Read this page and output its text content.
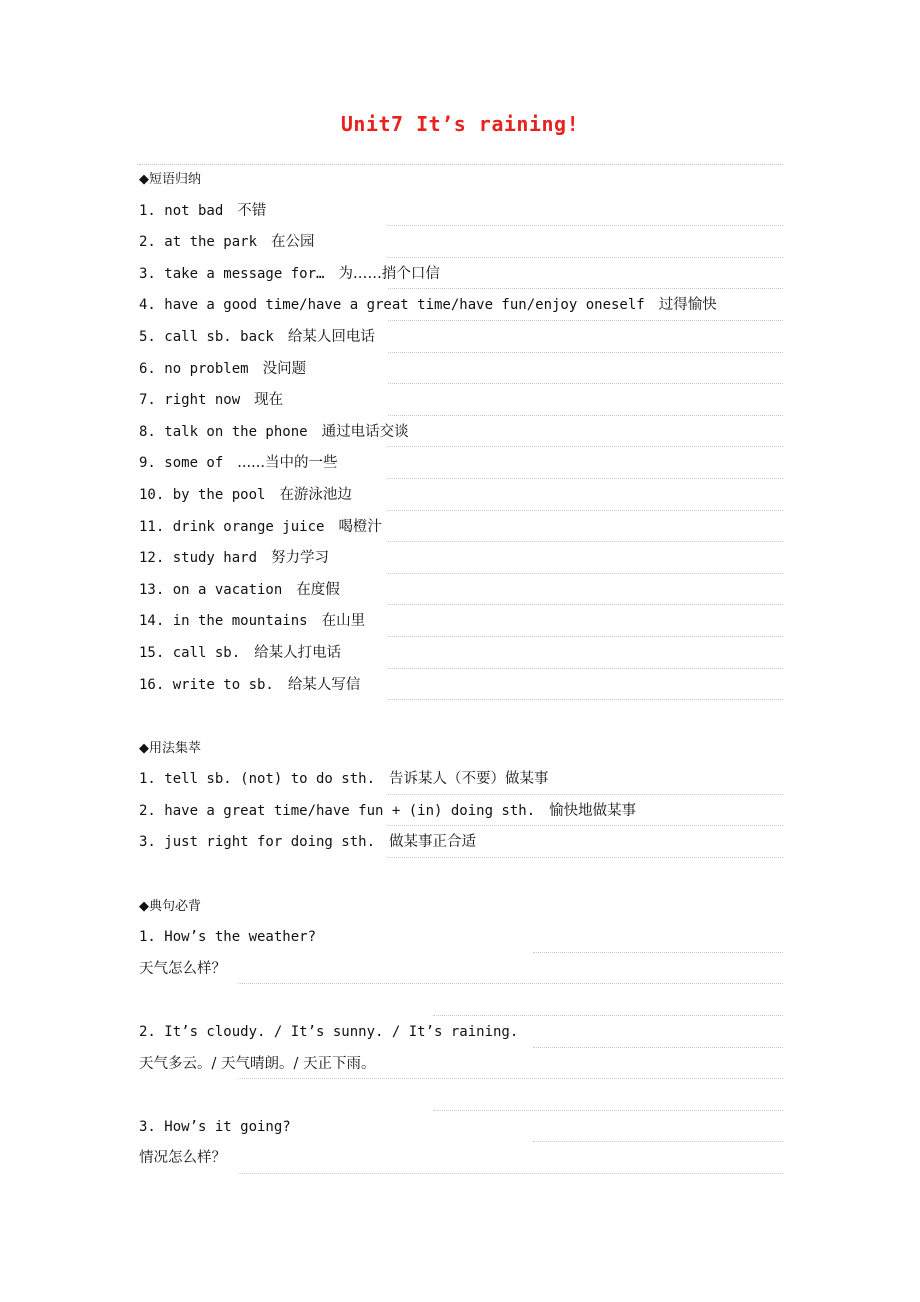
Unit7 It’s raining!
◆短语归纳
1. not bad 不错
2. at the park 在公园
3. take a message for… 为……捎个口信
4. have a good time/have a great time/have fun/enjoy oneself 过得愉快
5. call sb. back 给某人回电话
6. no problem 没问题
7. right now 现在
8. talk on the phone 通过电话交谈
9. some of ......当中的一些
10. by the pool 在游泳池边
11. drink orange juice 喝橙汁
12. study hard 努力学习
13. on a vacation 在度假
14. in the mountains 在山里
15. call sb. 给某人打电话
16. write to sb. 给某人写信
◆用法集萃
1. tell sb. (not) to do sth. 告诉某人（不要）做某事
2. have a great time/have fun + (in) doing sth. 愉快地做某事
3. just right for doing sth. 做某事正合适
◆典句必背
1. How’s the weather?
天气怎么样？
2. It’s cloudy. / It’s sunny. / It’s raining.
天气多云。/ 天气晴朗。/ 天正下雨。
3. How’s it going?
情况怎么样？
